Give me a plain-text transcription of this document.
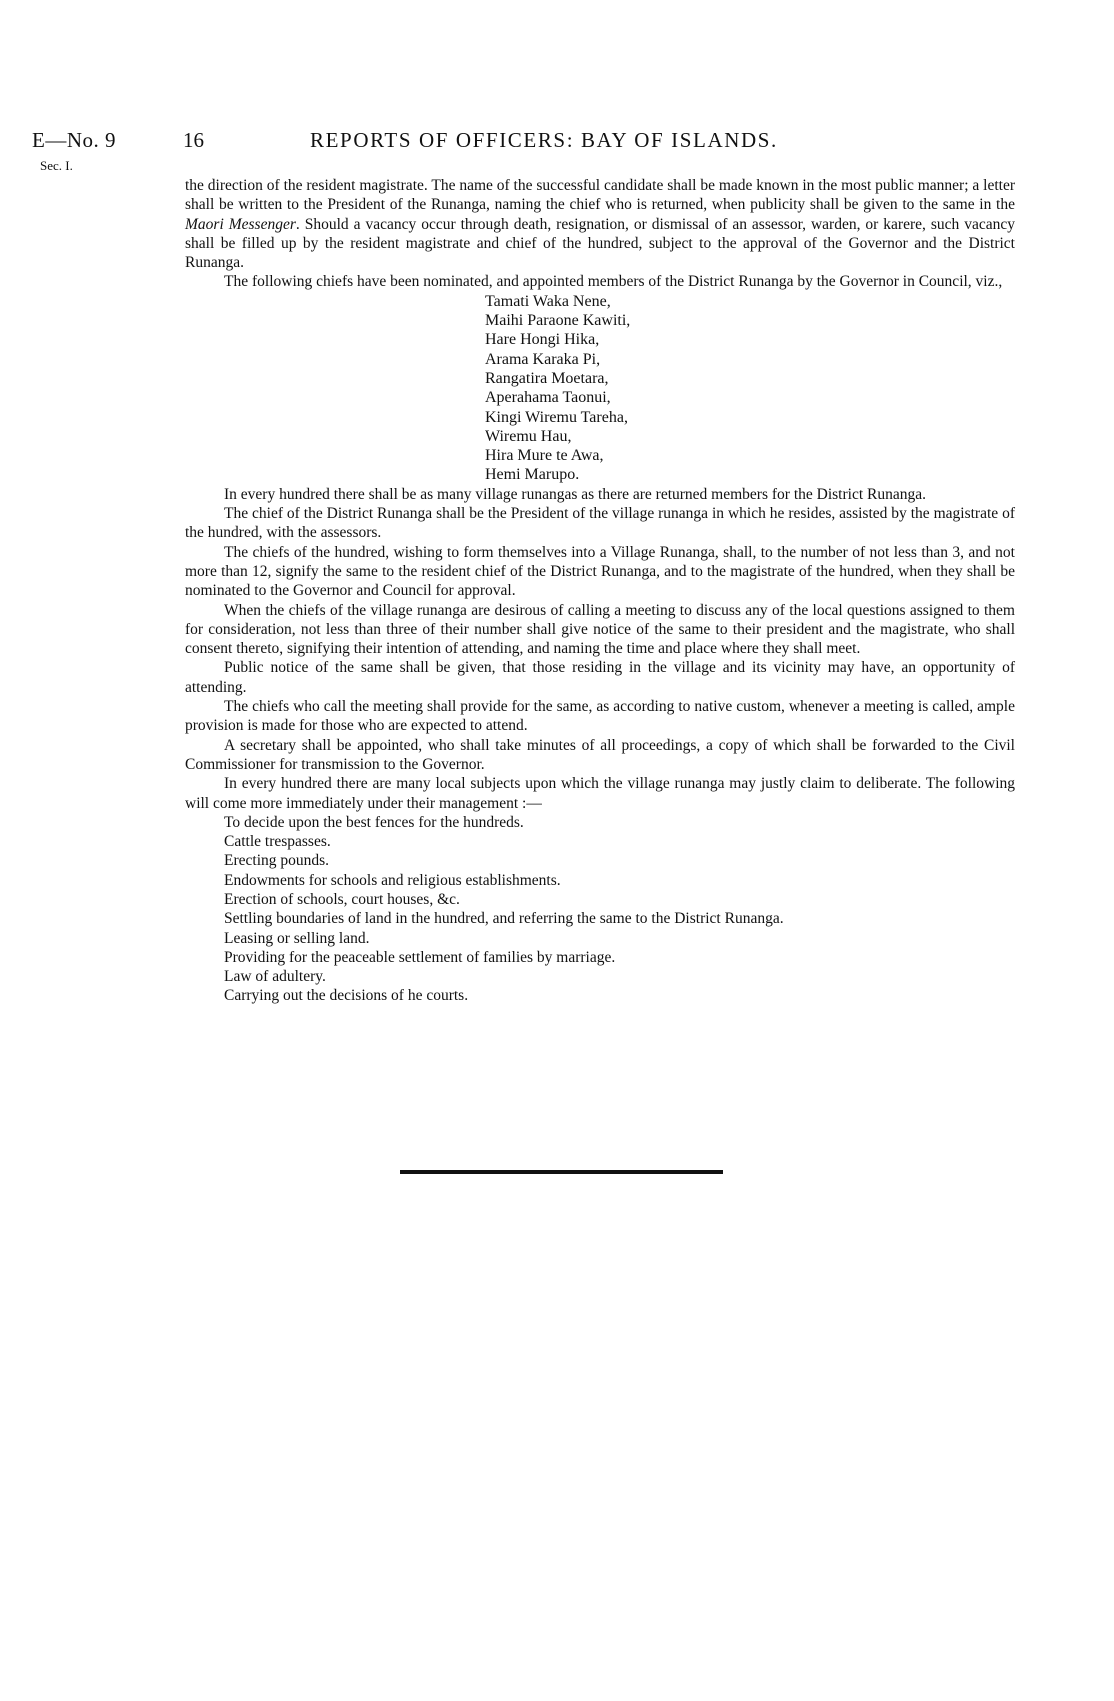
E—No. 9
Sec. I.
16	REPORTS OF OFFICERS: BAY OF ISLANDS.

the direction of the resident magistrate. The name of the successful candidate shall be made known in the most public manner; a letter shall be written to the President of the Runanga, naming the chief who is returned, when publicity shall be given to the same in the Maori Messenger. Should a vacancy occur through death, resignation, or dismissal of an assessor, warden, or karere, such vacancy shall be filled up by the resident magistrate and chief of the hundred, subject to the approval of the Governor and the District Runanga.

The following chiefs have been nominated, and appointed members of the District Runanga by the Governor in Council, viz.,

Tamati Waka Nene,
Maihi Paraone Kawiti,
Hare Hongi Hika,
Arama Karaka Pi,
Rangatira Moetara,
Aperahama Taonui,
Kingi Wiremu Tareha,
Wiremu Hau,
Hira Mure te Awa,
Hemi Marupo.

In every hundred there shall be as many village runangas as there are returned members for the District Runanga.

The chief of the District Runanga shall be the President of the village runanga in which he resides, assisted by the magistrate of the hundred, with the assessors.

The chiefs of the hundred, wishing to form themselves into a Village Runanga, shall, to the number of not less than 3, and not more than 12, signify the same to the resident chief of the District Runanga, and to the magistrate of the hundred, when they shall be nominated to the Governor and Council for approval.

When the chiefs of the village runanga are desirous of calling a meeting to discuss any of the local questions assigned to them for consideration, not less than three of their number shall give notice of the same to their president and the magistrate, who shall consent thereto, signifying their intention of attending, and naming the time and place where they shall meet.

Public notice of the same shall be given, that those residing in the village and its vicinity may have, an opportunity of attending.

The chiefs who call the meeting shall provide for the same, as according to native custom, whenever a meeting is called, ample provision is made for those who are expected to attend.

A secretary shall be appointed, who shall take minutes of all proceedings, a copy of which shall be forwarded to the Civil Commissioner for transmission to the Governor.

In every hundred there are many local subjects upon which the village runanga may justly claim to deliberate. The following will come more immediately under their management :—

To decide upon the best fences for the hundreds.
Cattle trespasses.
Erecting pounds.
Endowments for schools and religious establishments.
Erection of schools, court houses, &c.
Settling boundaries of land in the hundred, and referring the same to the District Runanga.
Leasing or selling land.
Providing for the peaceable settlement of families by marriage.
Law of adultery.
Carrying out the decisions of he courts.
